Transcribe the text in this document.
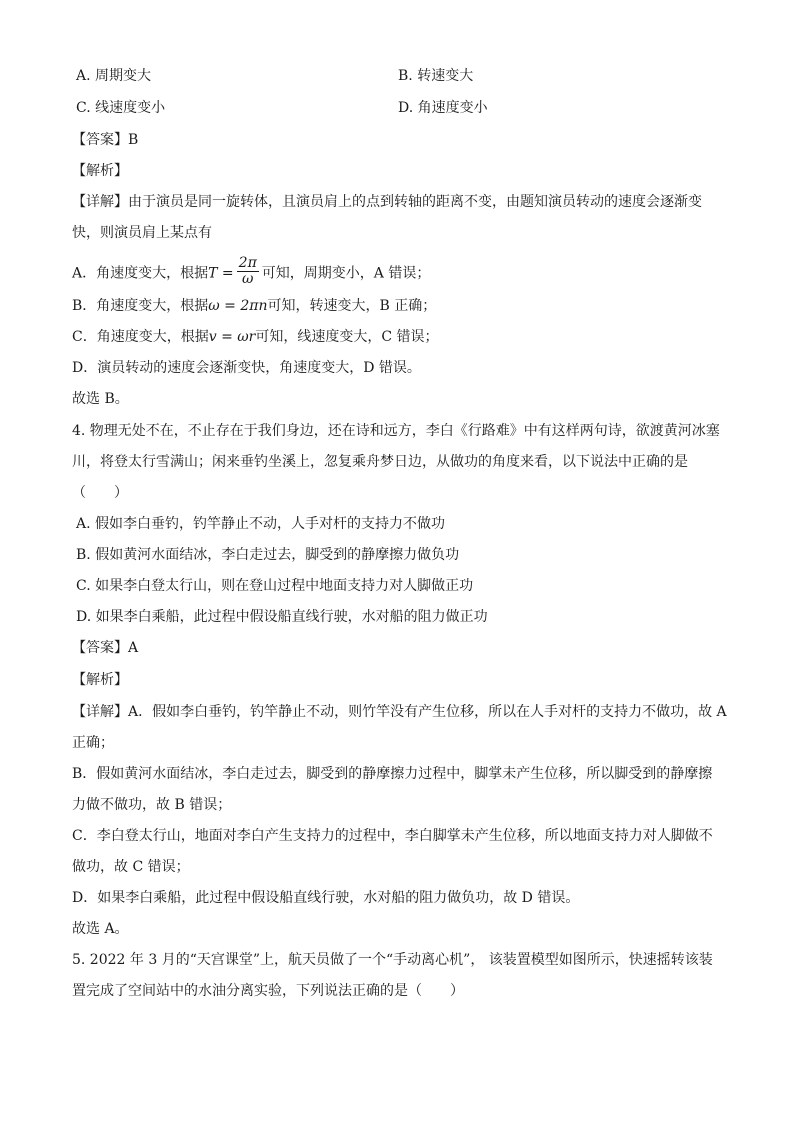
A. 周期变大	B. 转速变大
C. 线速度变小	D. 角速度变小
【答案】B
【解析】
【详解】由于演员是同一旋转体，且演员肩上的点到转轴的距离不变，由题知演员转动的速度会逐渐变
快，则演员肩上某点有
A．角速度变大，根据$T = \frac{2\pi}{\omega}$ 可知，周期变小，A 错误；
B．角速度变大，根据ω = 2πn可知，转速变大，B 正确；
C．角速度变大，根据v = ωr可知，线速度变大，C 错误；
D．演员转动的速度会逐渐变快，角速度变大，D 错误。
故选 B。
4. 物理无处不在，不止存在于我们身边，还在诗和远方，李白《行路难》中有这样两句诗，欲渡黄河冰塞
川，将登太行雪满山；闲来垂钓坐溪上，忽复乘舟梦日边，从做功的角度来看，以下说法中正确的是
（　　）
A. 假如李白垂钓，钓竿静止不动，人手对杆的支持力不做功
B. 假如黄河水面结冰，李白走过去，脚受到的静摩擦力做负功
C. 如果李白登太行山，则在登山过程中地面支持力对人脚做正功
D. 如果李白乘船，此过程中假设船直线行驶，水对船的阻力做正功
【答案】A
【解析】
【详解】A．假如李白垂钓，钓竿静止不动，则竹竿没有产生位移，所以在人手对杆的支持力不做功，故 A
正确；
B．假如黄河水面结冰，李白走过去，脚受到的静摩擦力过程中，脚掌未产生位移，所以脚受到的静摩擦
力做不做功，故 B 错误；
C．李白登太行山，地面对李白产生支持力的过程中，李白脚掌未产生位移，所以地面支持力对人脚做不
做功，故 C 错误；
D．如果李白乘船，此过程中假设船直线行驶，水对船的阻力做负功，故 D 错误。
故选 A。
5. 2022 年 3 月的“天宫课堂”上，航天员做了一个“手动离心机”， 该装置模型如图所示，快速摇转该装
置完成了空间站中的水油分离实验，下列说法正确的是（　　）
